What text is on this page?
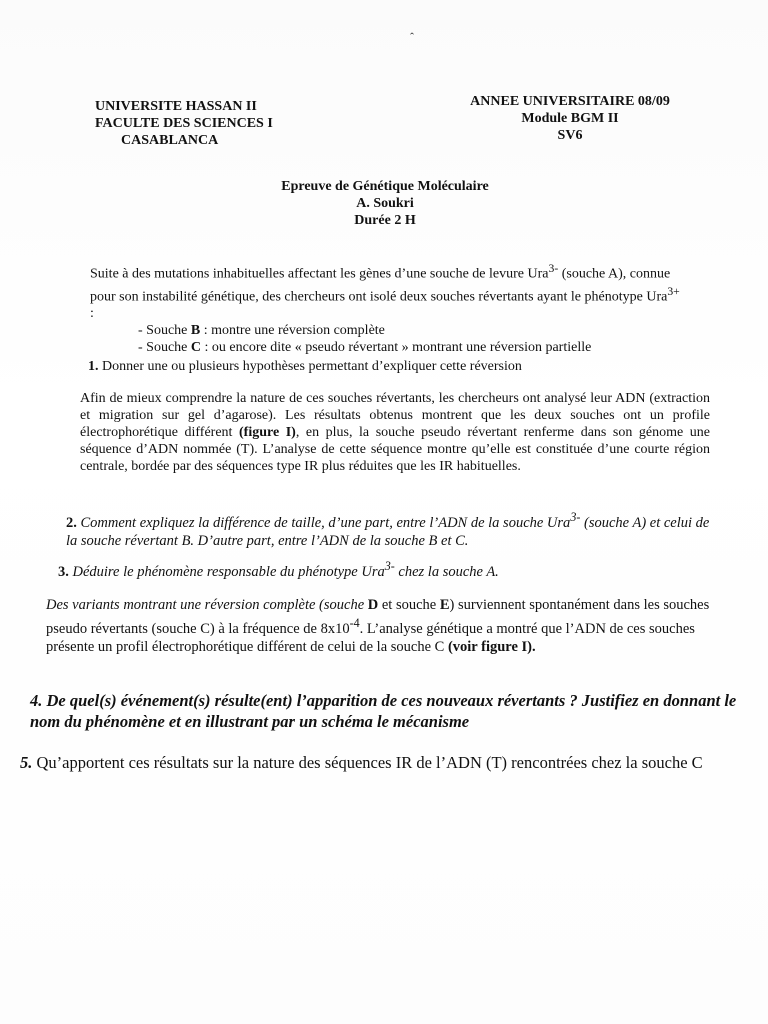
ˆ
UNIVERSITE HASSAN II
FACULTE DES SCIENCES I
CASABLANCA
ANNEE UNIVERSITAIRE 08/09
Module BGM II
SV6
Epreuve de Génétique Moléculaire
A. Soukri
Durée 2 H
Suite à des mutations inhabituelles affectant les gènes d’une souche de levure Ura$^{3-}$ (souche A), connue pour son instabilité génétique, des chercheurs ont isolé deux souches révertants ayant le phénotype Ura$^{3+}$ :
- Souche B : montre une réversion complète
- Souche C : ou encore dite « pseudo révertant » montrant une réversion partielle
1. Donner une ou plusieurs hypothèses permettant d’expliquer cette réversion
Afin de mieux comprendre la nature de ces souches révertants, les chercheurs ont analysé leur ADN (extraction et migration sur gel d’agarose). Les résultats obtenus montrent que les deux souches ont un profile électrophorétique différent (figure I), en plus, la souche pseudo révertant renferme dans son génome une séquence d’ADN nommée (T). L’analyse de cette séquence montre qu’elle est constituée d’une courte région centrale, bordée par des séquences type IR plus réduites que les IR habituelles.
2. Comment expliquez la différence de taille, d’une part, entre l’ADN de la souche Ura$^{3-}$ (souche A) et celui de la souche révertant B. D’autre part, entre l’ADN de la souche B et C.
3. Déduire le phénomène responsable du phénotype Ura$^{3-}$ chez la souche A.
Des variants montrant une réversion complète (souche D et souche E) surviennent spontanément dans les souches pseudo révertants (souche C) à la fréquence de $8x10^{-4}$. L’analyse génétique a montré que l’ADN de ces souches présente un profil électrophorétique différent de celui de la souche C (voir figure I).
4. De quel(s) événement(s) résulte(ent) l’apparition de ces nouveaux révertants ? Justifiez en donnant le nom du phénomène et en illustrant par un schéma le mécanisme
5. Qu’apportent ces résultats sur la nature des séquences IR de l’ADN (T) rencontrées chez la souche C
